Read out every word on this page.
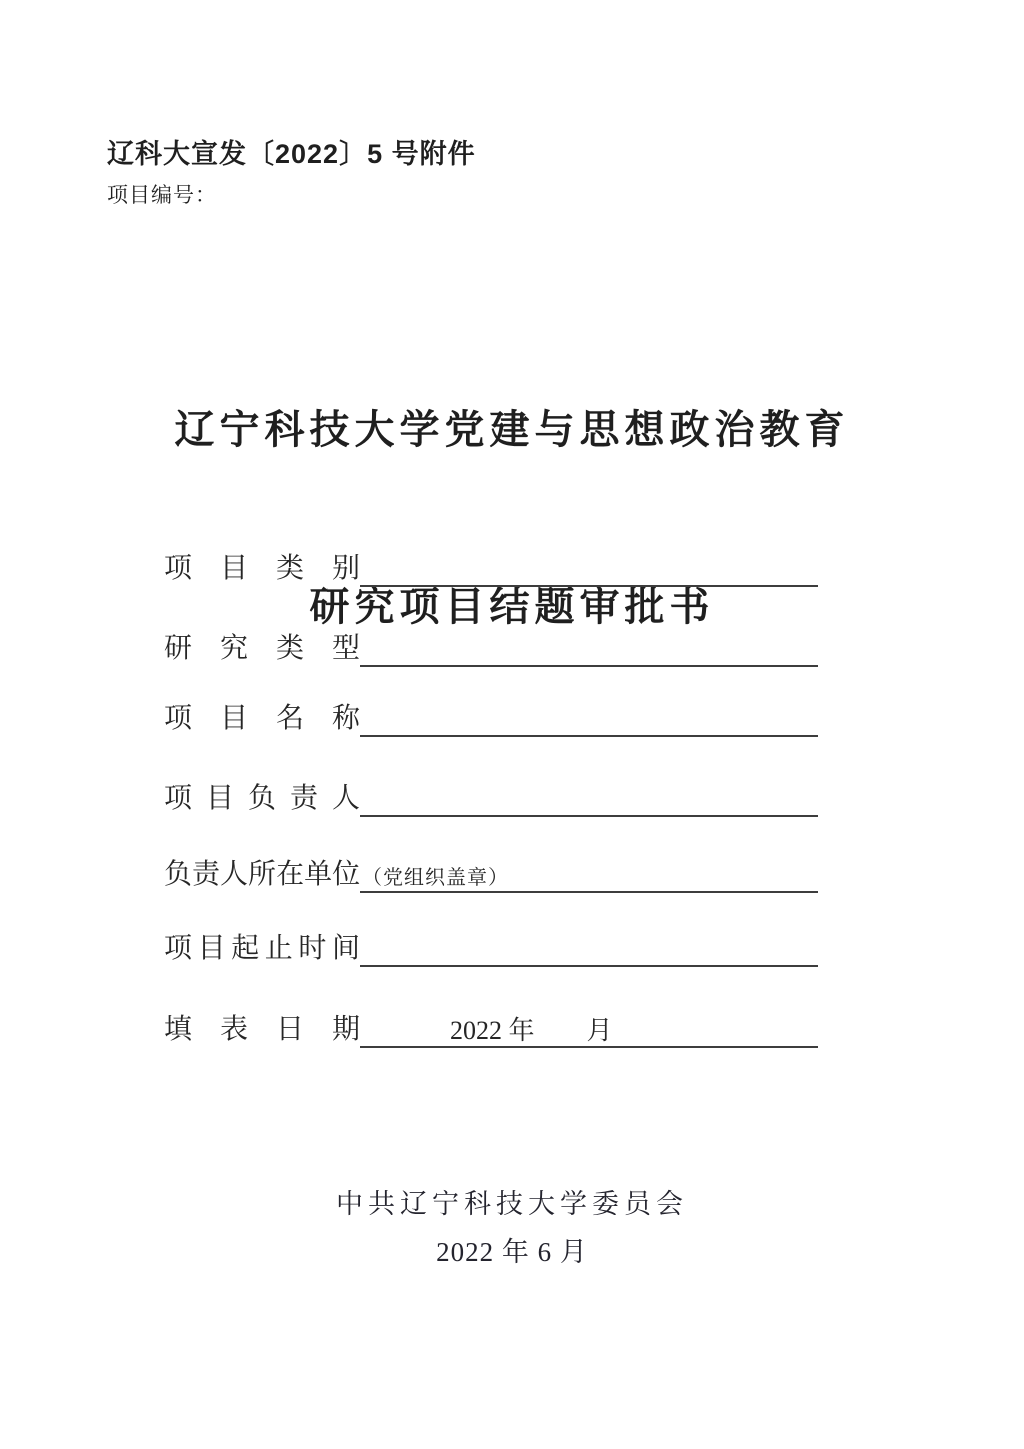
辽科大宣发〔2022〕5 号附件
项目编号：

辽宁科技大学党建与思想政治教育

研究项目结题审批书

项 目 类 别
研 究 类 型
项 目 名 称
项 目 负 责 人
负 责 人 所 在 单 位 （党组织盖章）
项 目 起 止 时 间
填 表 日 期	2022 年        月
中共辽宁科技大学委员会
2022 年 6 月
